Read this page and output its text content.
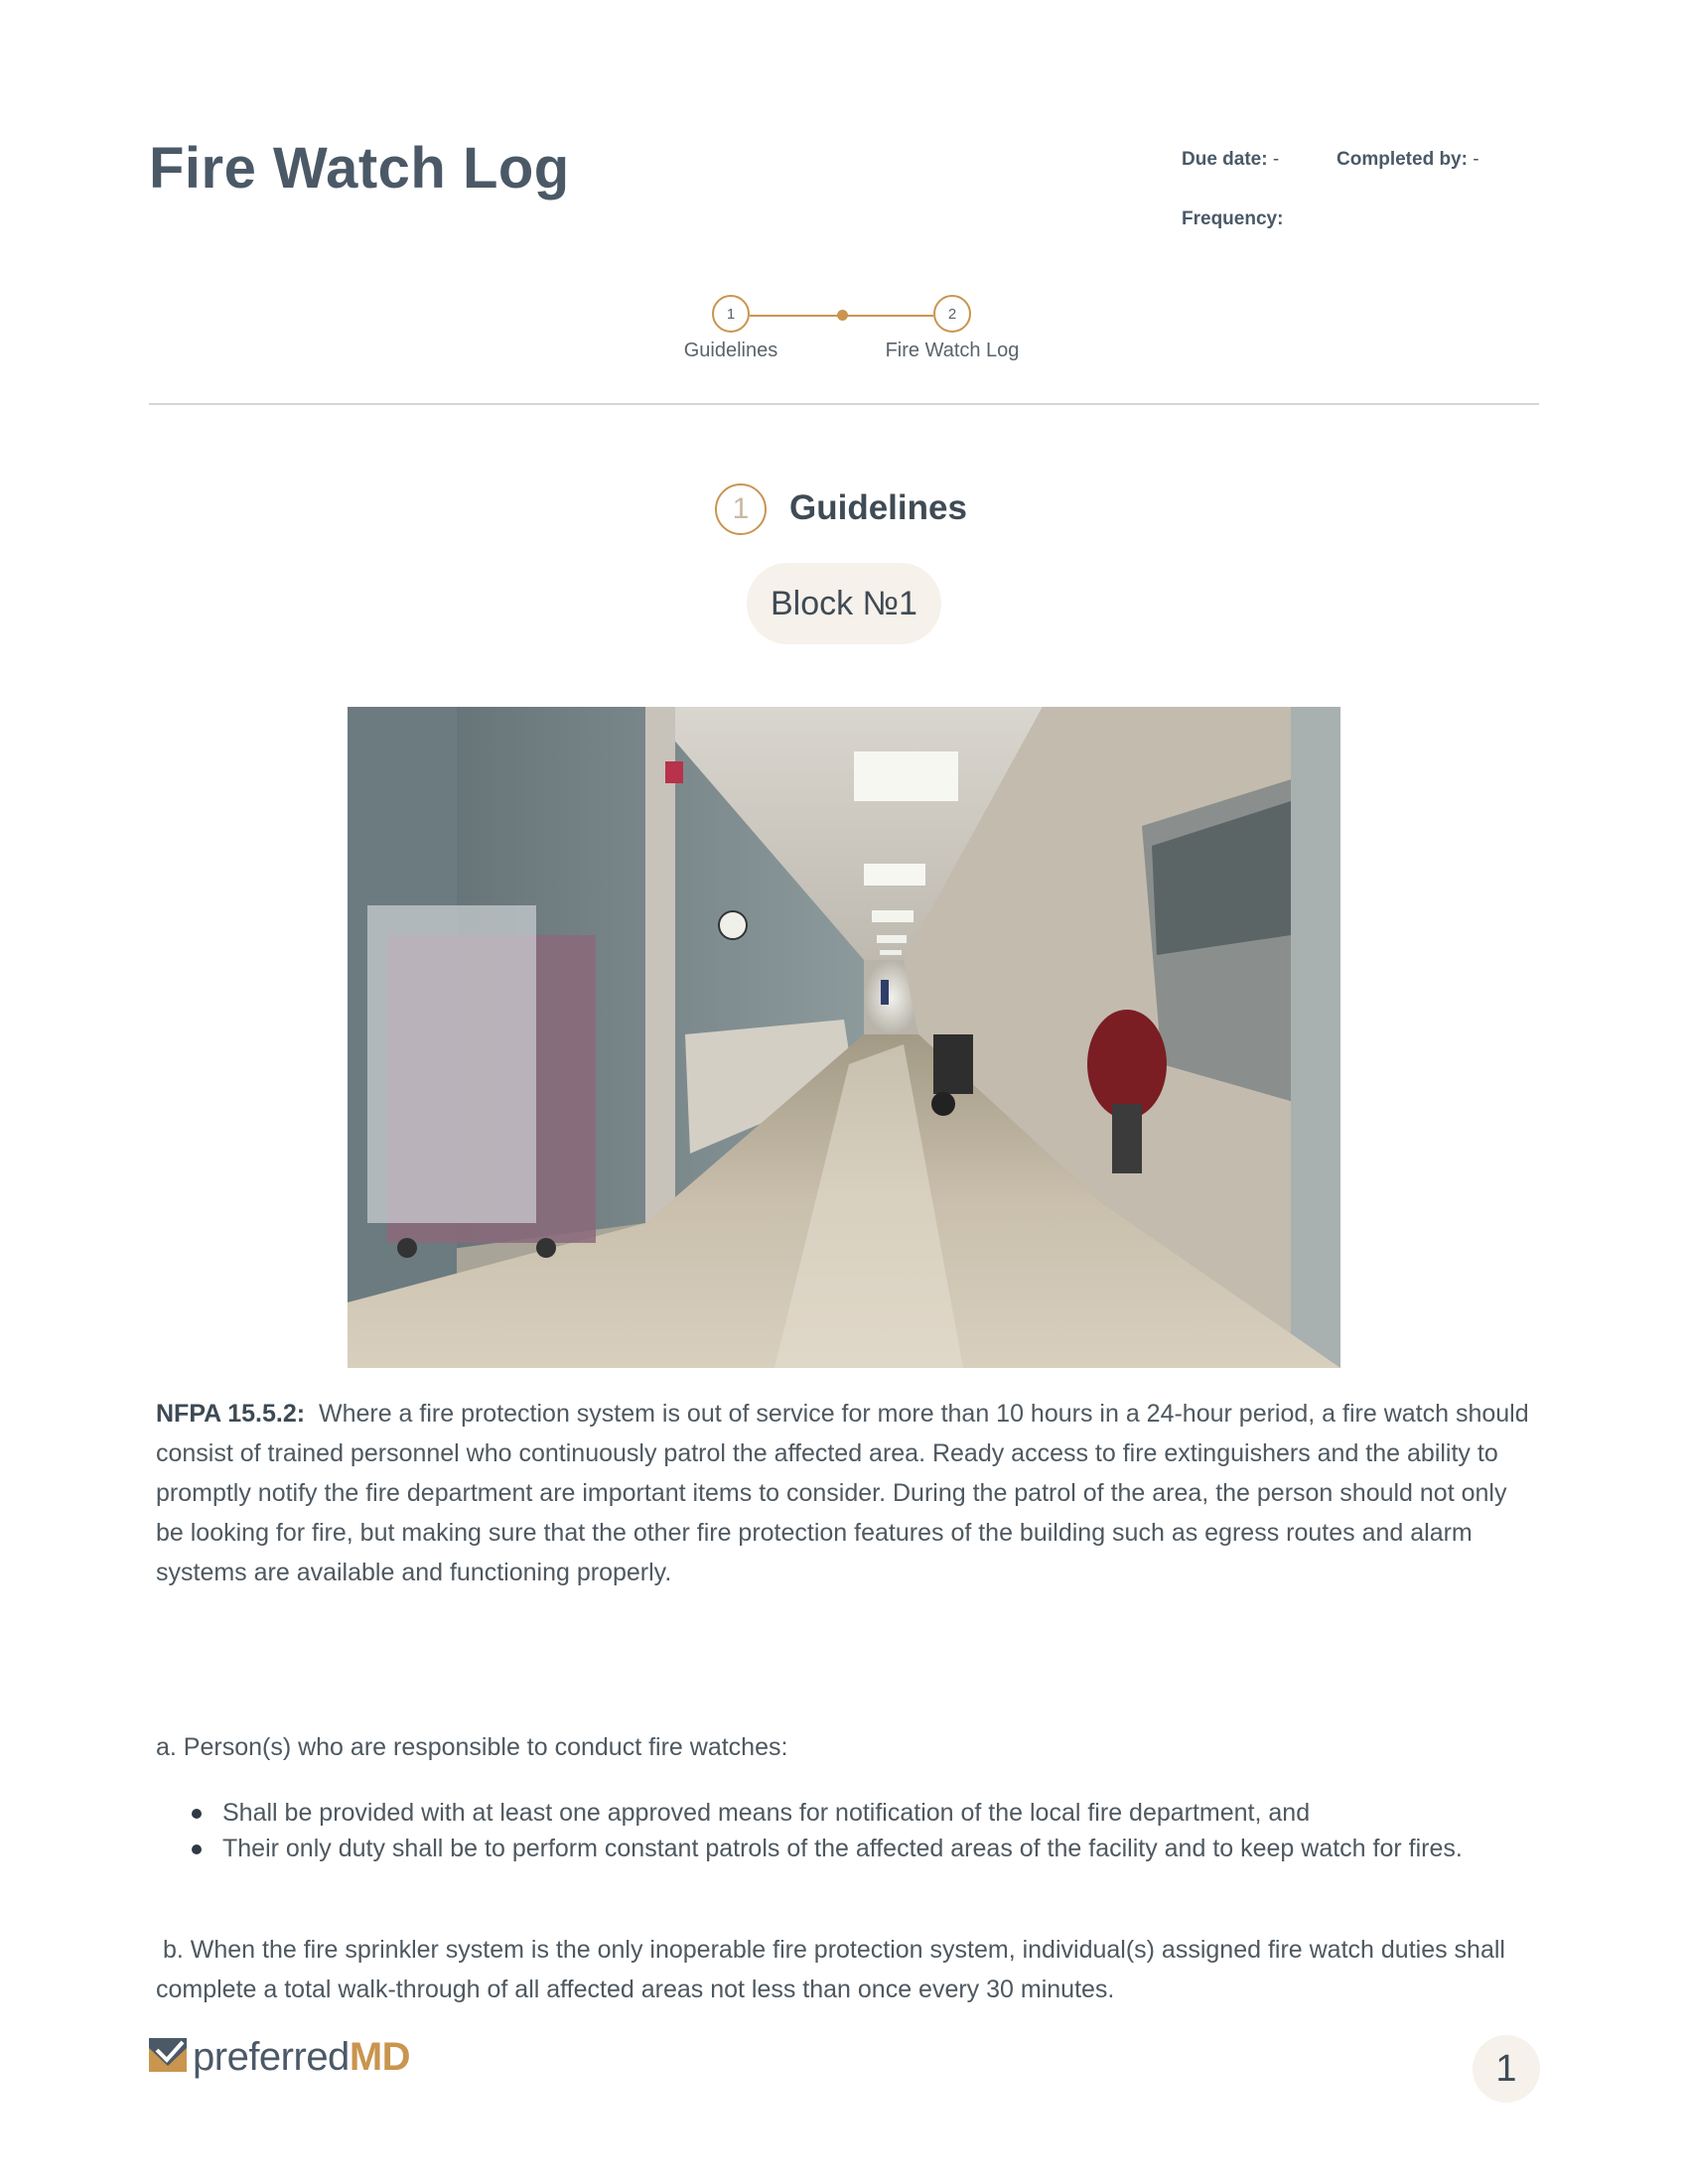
Fire Watch Log	Due date: -	Completed by: -
Frequency:
1	2
Guidelines	Fire Watch Log
1	Guidelines
Block №1
NFPA 15.5.2: Where a fire protection system is out of service for more than 10 hours in a 24-hour period, a fire watch should consist of trained personnel who continuously patrol the affected area. Ready access to fire extinguishers and the ability to promptly notify the fire department are important items to consider. During the patrol of the area, the person should not only be looking for fire, but making sure that the other fire protection features of the building such as egress routes and alarm systems are available and functioning properly.
a. Person(s) who are responsible to conduct fire watches:
Shall be provided with at least one approved means for notification of the local fire department, and
Their only duty shall be to perform constant patrols of the affected areas of the facility and to keep watch for fires.
b. When the fire sprinkler system is the only inoperable fire protection system, individual(s) assigned fire watch duties shall complete a total walk-through of all affected areas not less than once every 30 minutes.
preferredMD	1
